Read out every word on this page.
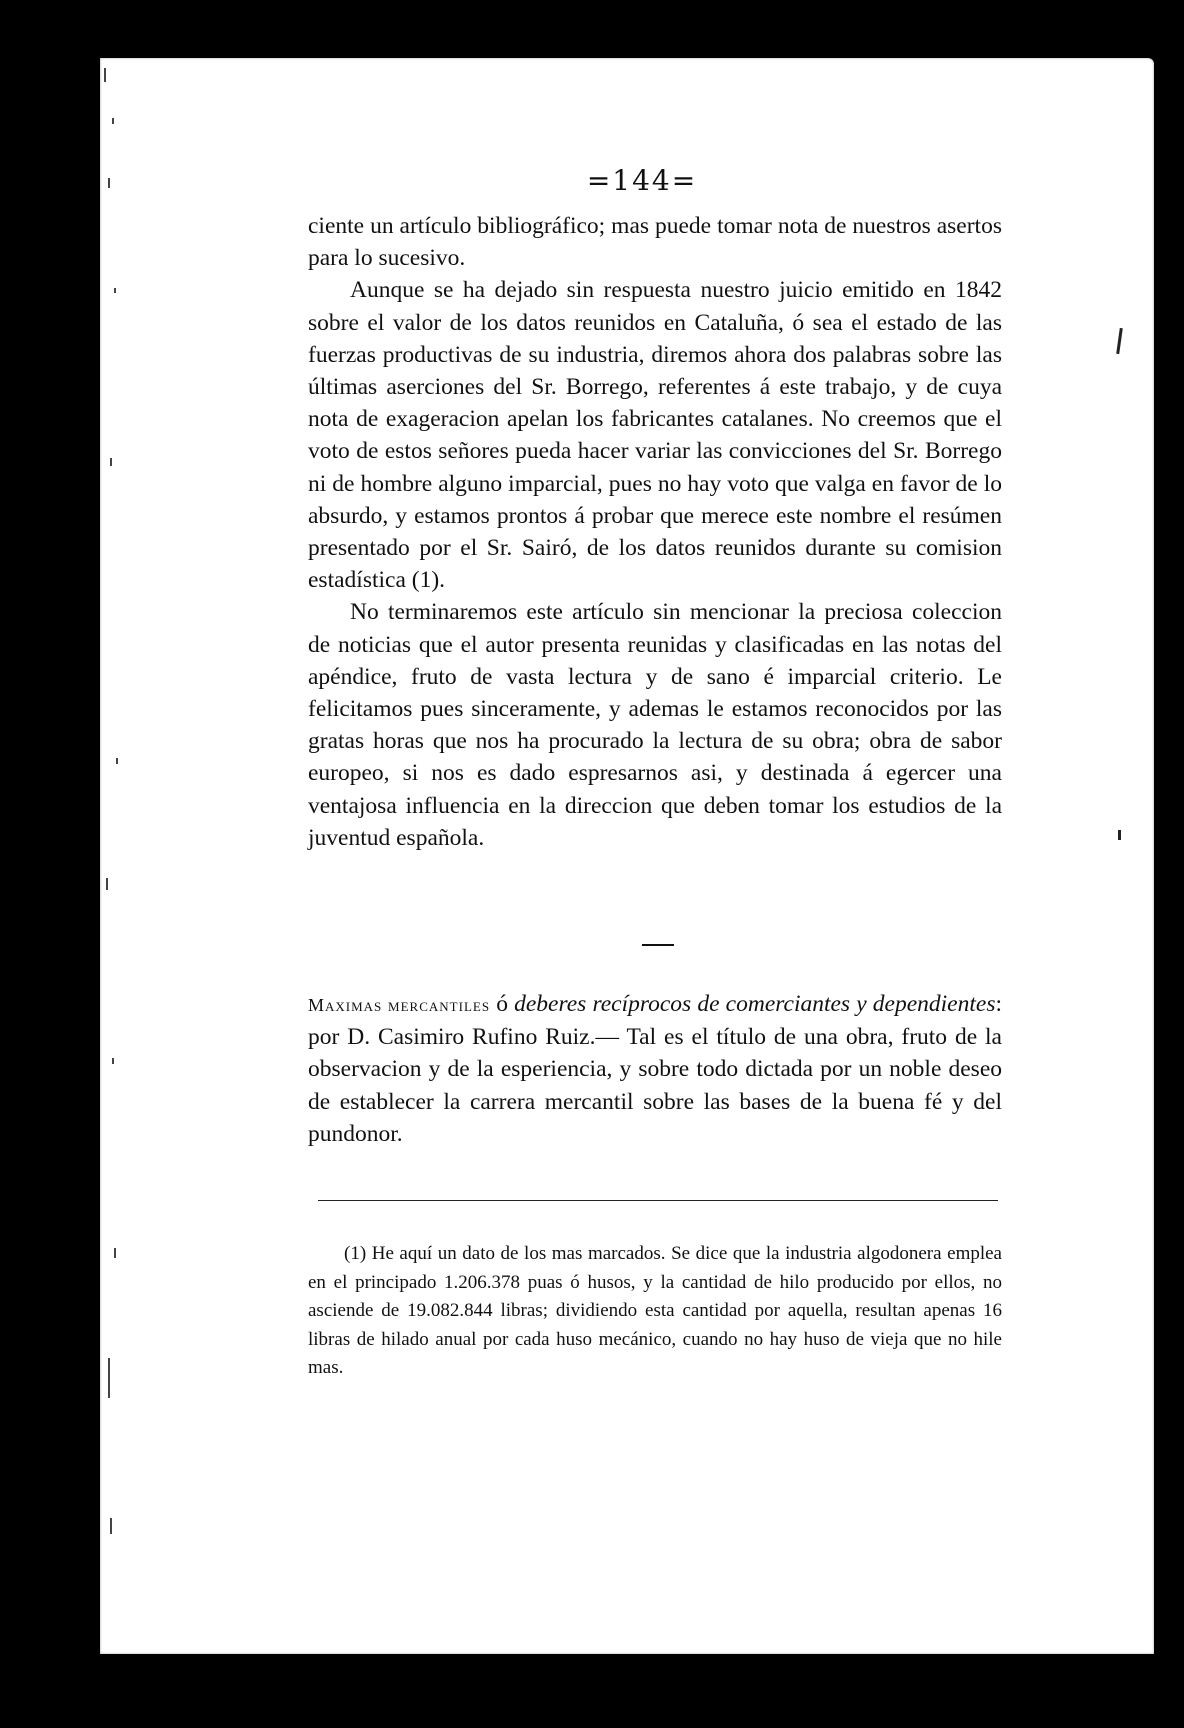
=144=

ciente un artículo bibliográfico; mas puede tomar nota de nuestros asertos para lo sucesivo.

Aunque se ha dejado sin respuesta nuestro juicio emitido en 1842 sobre el valor de los datos reunidos en Cataluña, ó sea el estado de las fuerzas productivas de su industria, diremos ahora dos palabras sobre las últimas aserciones del Sr. Borrego, referentes á este trabajo, y de cuya nota de exageracion apelan los fabricantes catalanes. No creemos que el voto de estos señores pueda hacer variar las convicciones del Sr. Borrego ni de hombre alguno imparcial, pues no hay voto que valga en favor de lo absurdo, y estamos prontos á probar que merece este nombre el resúmen presentado por el Sr. Sairó, de los datos reunidos durante su comision estadística (1).

No terminaremos este artículo sin mencionar la preciosa coleccion de noticias que el autor presenta reunidas y clasificadas en las notas del apéndice, fruto de vasta lectura y de sano é imparcial criterio. Le felicitamos pues sinceramente, y ademas le estamos reconocidos por las gratas horas que nos ha procurado la lectura de su obra; obra de sabor europeo, si nos es dado espresarnos asi, y destinada á egercer una ventajosa influencia en la direccion que deben tomar los estudios de la juventud española.

Maximas mercantiles ó deberes recíprocos de comerciantes y dependientes: por D. Casimiro Rufino Ruiz.— Tal es el título de una obra, fruto de la observacion y de la esperiencia, y sobre todo dictada por un noble deseo de establecer la carrera mercantil sobre las bases de la buena fé y del pundonor.

(1) He aquí un dato de los mas marcados. Se dice que la industria algodonera emplea en el principado 1.206.378 puas ó husos, y la cantidad de hilo producido por ellos, no asciende de 19.082.844 libras; dividiendo esta cantidad por aquella, resultan apenas 16 libras de hilado anual por cada huso mecánico, cuando no hay huso de vieja que no hile mas.
